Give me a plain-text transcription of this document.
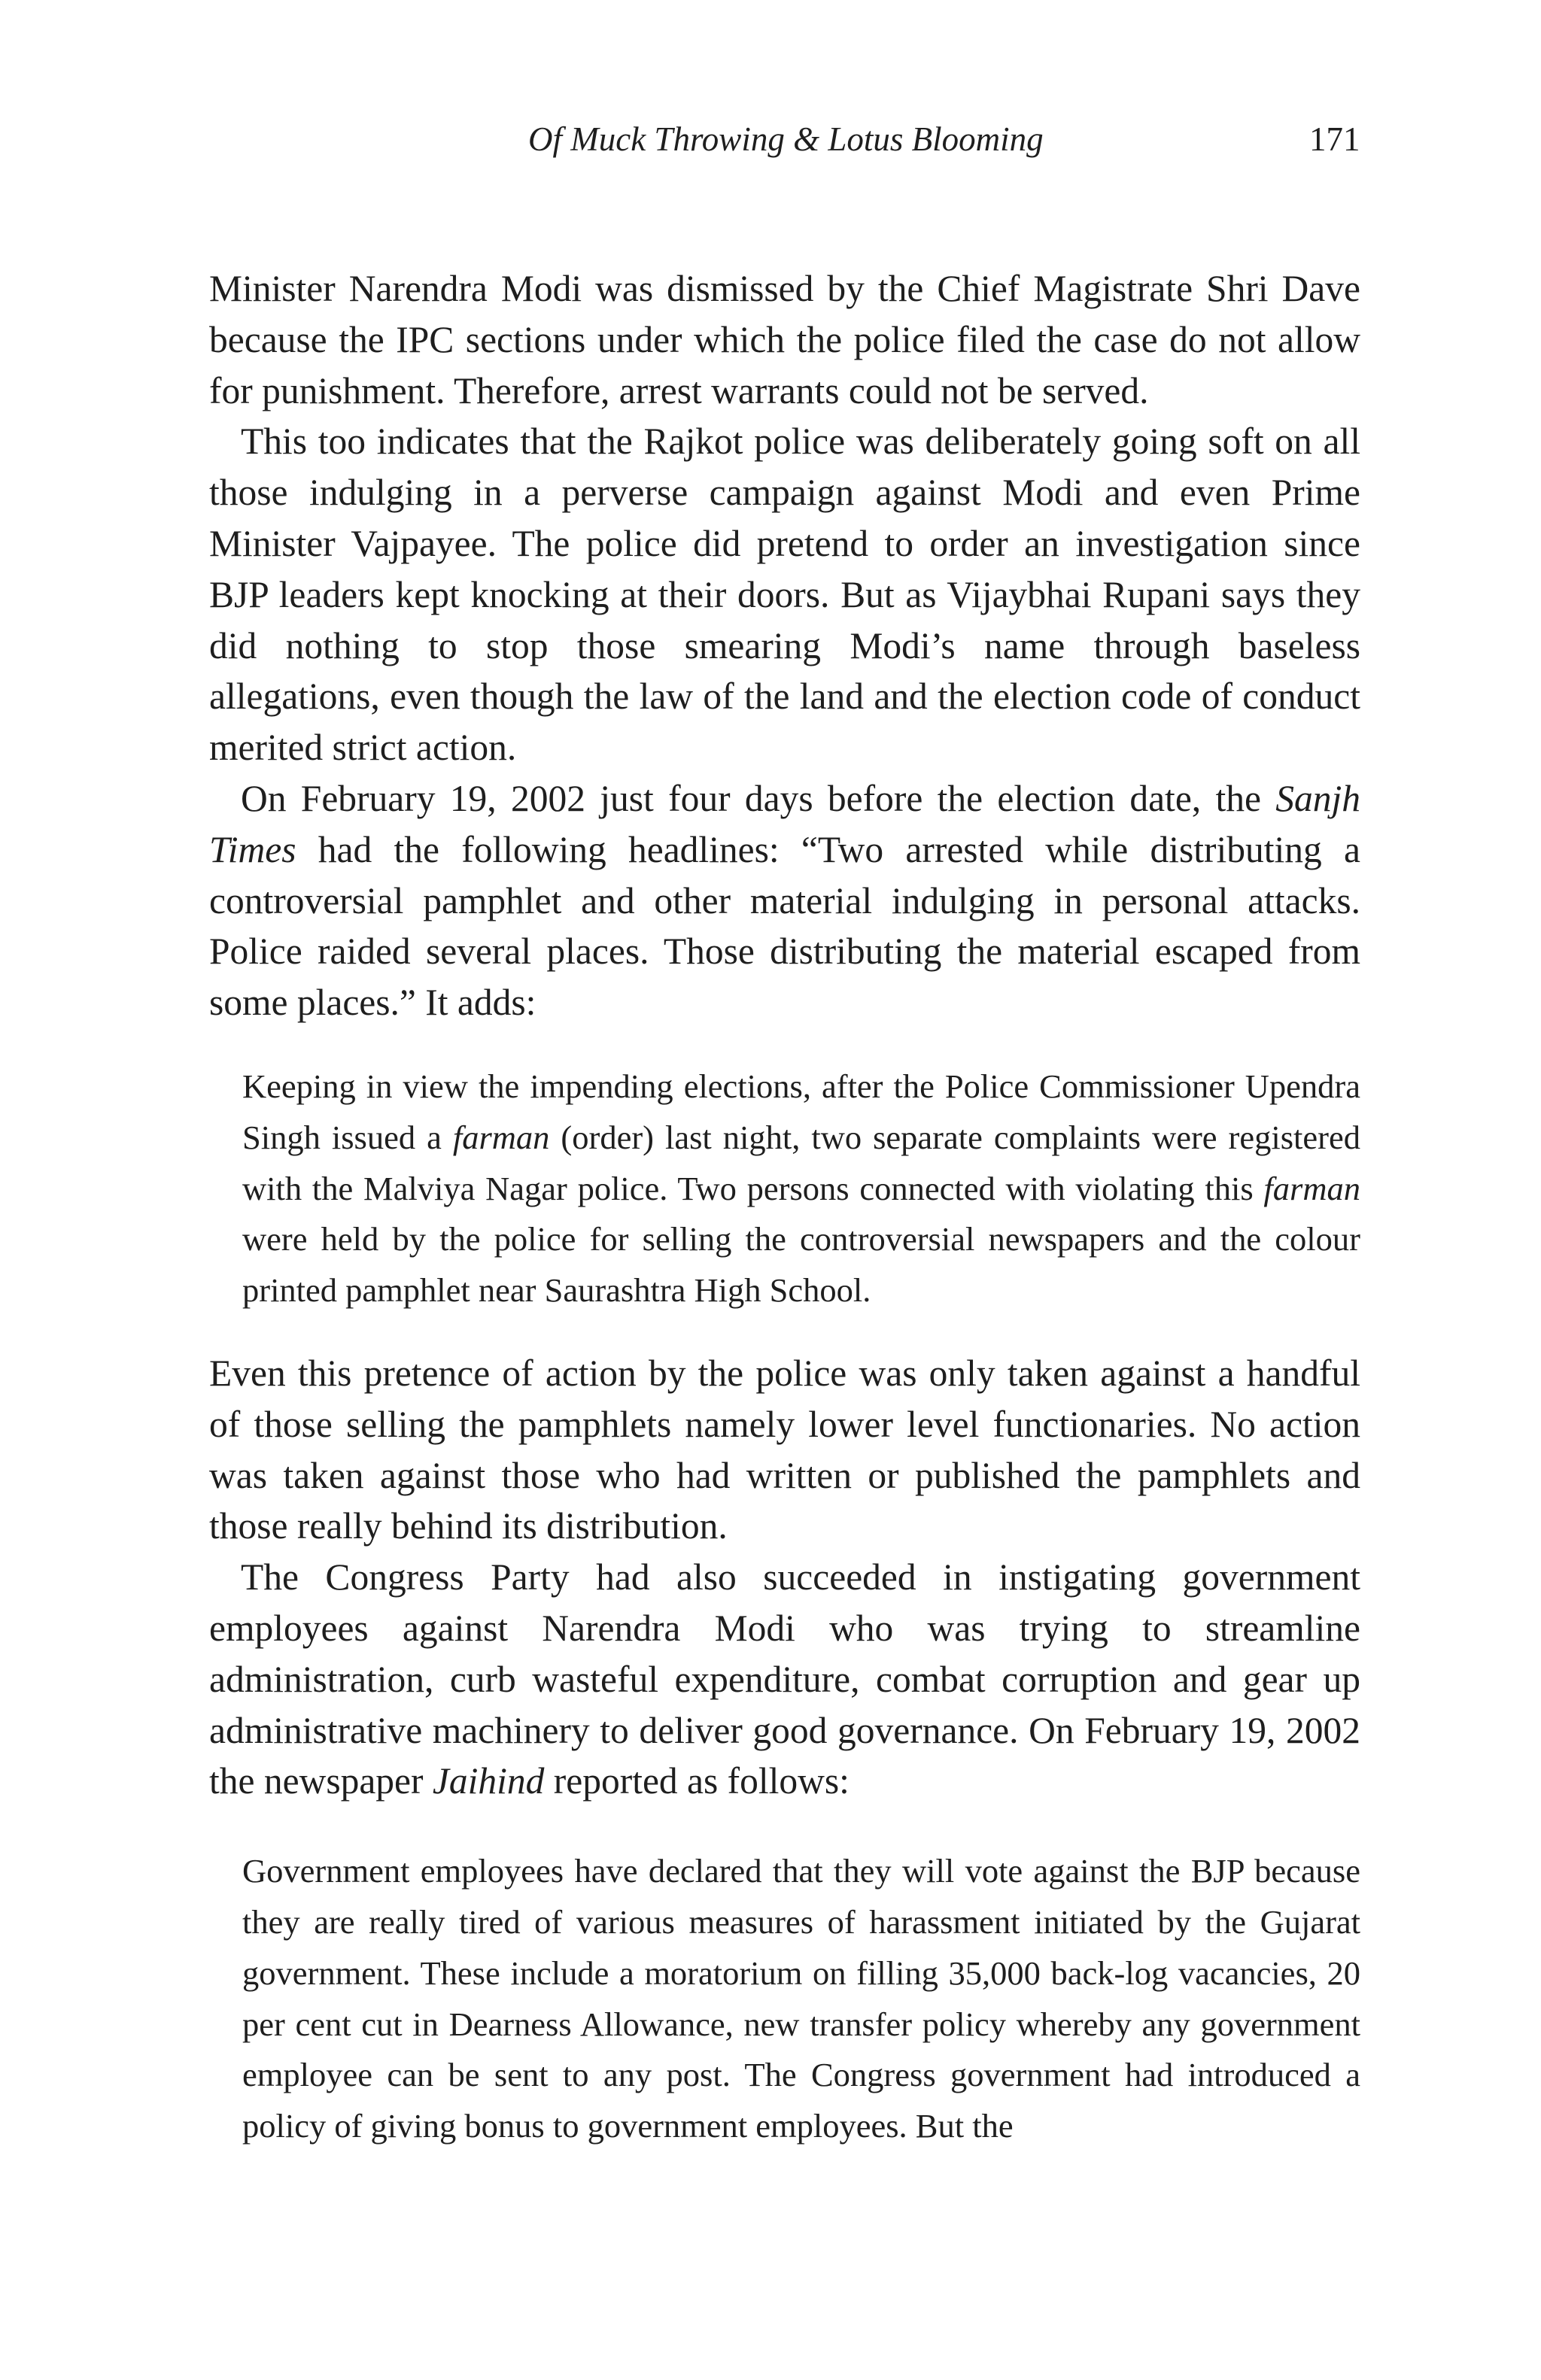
Of Muck Throwing & Lotus Blooming	171

Minister Narendra Modi was dismissed by the Chief Magistrate Shri Dave because the IPC sections under which the police filed the case do not allow for punishment. Therefore, arrest warrants could not be served.

This too indicates that the Rajkot police was deliberately going soft on all those indulging in a perverse campaign against Modi and even Prime Minister Vajpayee. The police did pretend to order an investigation since BJP leaders kept knocking at their doors. But as Vijaybhai Rupani says they did nothing to stop those smearing Modi’s name through baseless allegations, even though the law of the land and the election code of conduct merited strict action.

On February 19, 2002 just four days before the election date, the Sanjh Times had the following headlines: “Two arrested while distributing a controversial pamphlet and other material indulging in personal attacks. Police raided several places. Those distributing the material escaped from some places.” It adds:

Keeping in view the impending elections, after the Police Commissioner Upendra Singh issued a farman (order) last night, two separate complaints were registered with the Malviya Nagar police. Two persons connected with violating this farman were held by the police for selling the controversial newspapers and the colour printed pamphlet near Saurashtra High School.

Even this pretence of action by the police was only taken against a handful of those selling the pamphlets namely lower level functionaries. No action was taken against those who had written or published the pamphlets and those really behind its distribution.

The Congress Party had also succeeded in instigating government employees against Narendra Modi who was trying to streamline administration, curb wasteful expenditure, combat corruption and gear up administrative machinery to deliver good governance. On February 19, 2002 the newspaper Jaihind reported as follows:

Government employees have declared that they will vote against the BJP because they are really tired of various measures of harassment initiated by the Gujarat government. These include a moratorium on filling 35,000 back-log vacancies, 20 per cent cut in Dearness Allowance, new transfer policy whereby any government employee can be sent to any post. The Congress government had introduced a policy of giving bonus to government employees. But the
